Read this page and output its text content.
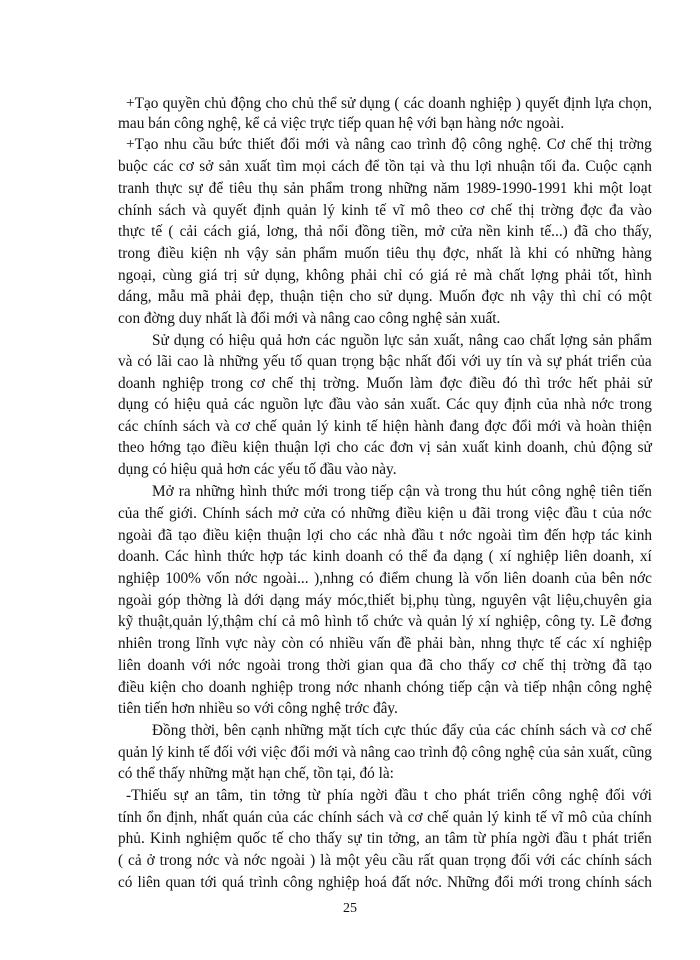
+Tạo quyền chủ động cho chủ thể sử dụng ( các doanh nghiệp ) quyết định lựa chọn,
mau bán công nghệ, kể cả việc trực tiếp quan hệ với bạn hàng nớc ngoài.
+Tạo nhu cầu bức thiết đổi mới và nâng cao trình độ công nghệ. Cơ chế thị trờng
buộc các cơ sở sản xuất tìm mọi cách để tồn tại và thu lợi nhuận tối đa. Cuộc cạnh
tranh thực sự để tiêu thụ sản phẩm trong những năm 1989-1990-1991 khi một loạt
chính sách và quyết định quản lý kinh tế vĩ mô theo cơ chế thị trờng đợc đa vào
thực tế ( cải cách giá, lơng, thả nổi đồng tiền, mở cửa nền kinh tế...) đã cho thấy,
trong điều kiện nh vậy sản phẩm muốn tiêu thụ đợc, nhất là khi có những hàng
ngoại, cùng giá trị sử dụng, không phải chỉ có giá rẻ mà chất lợng phải tốt, hình
dáng, mẫu mã phải đẹp, thuận tiện cho sử dụng. Muốn đợc nh vậy thì chỉ có một
con đờng duy nhất là đổi mới và nâng cao công nghệ sản xuất.
Sử dụng có hiệu quả hơn các nguồn lực sản xuất, nâng cao chất lợng sản phẩm
và có lãi cao là những yếu tố quan trọng bậc nhất đối với uy tín và sự phát triển của
doanh nghiệp trong cơ chế thị trờng. Muốn làm đợc điều đó thì trớc hết phải sử
dụng có hiệu quả các nguồn lực đầu vào sản xuất. Các quy định của nhà nớc trong
các chính sách và cơ chế quản lý kinh tế hiện hành đang đợc đổi mới và hoàn thiện
theo hớng tạo điều kiện thuận lợi cho các đơn vị sản xuất kinh doanh, chủ động sử
dụng có hiệu quả hơn các yếu tố đầu vào này.
Mở ra những hình thức mới trong tiếp cận và trong thu hút công nghệ tiên tiến
của thế giới. Chính sách mở cửa có những điều kiện u đãi trong việc đầu t của nớc
ngoài đã tạo điều kiện thuận lợi cho các nhà đầu t nớc ngoài tìm đến hợp tác kinh
doanh. Các hình thức hợp tác kinh doanh có thể đa dạng ( xí nghiệp liên doanh, xí
nghiệp 100% vốn nớc ngoài... ),nhng có điểm chung là vốn liên doanh của bên nớc
ngoài góp thờng là dới dạng máy móc,thiết bị,phụ tùng, nguyên vật liệu,chuyên gia
kỹ thuật,quản lý,thậm chí cả mô hình tổ chức và quản lý xí nghiệp, công ty. Lẽ đơng
nhiên trong lĩnh vực này còn có nhiều vấn đề phải bàn, nhng thực tế các xí nghiệp
liên doanh với nớc ngoài trong thời gian qua đã cho thấy cơ chế thị trờng đã tạo
điều kiện cho doanh nghiệp trong nớc nhanh chóng tiếp cận và tiếp nhận công nghệ
tiên tiến hơn nhiều so với công nghệ trớc đây.
Đồng thời, bên cạnh những mặt tích cực thúc đẩy của các chính sách và cơ chế
quản lý kinh tế đối với việc đổi mới và nâng cao trình độ công nghệ của sản xuất, cũng
có thể thấy những mặt hạn chế, tồn tại, đó là:
-Thiếu sự an tâm, tin tởng từ phía ngời đầu t cho phát triển công nghệ đối với
tính ổn định, nhất quán của các chính sách và cơ chế quản lý kinh tế vĩ mô của chính
phủ. Kinh nghiệm quốc tế cho thấy sự tin tởng, an tâm từ phía ngời đầu t phát triển
( cả ở trong nớc và nớc ngoài ) là một yêu cầu rất quan trọng đối với các chính sách
có liên quan tới quá trình công nghiệp hoá đất nớc. Những đổi mới trong chính sách
25
